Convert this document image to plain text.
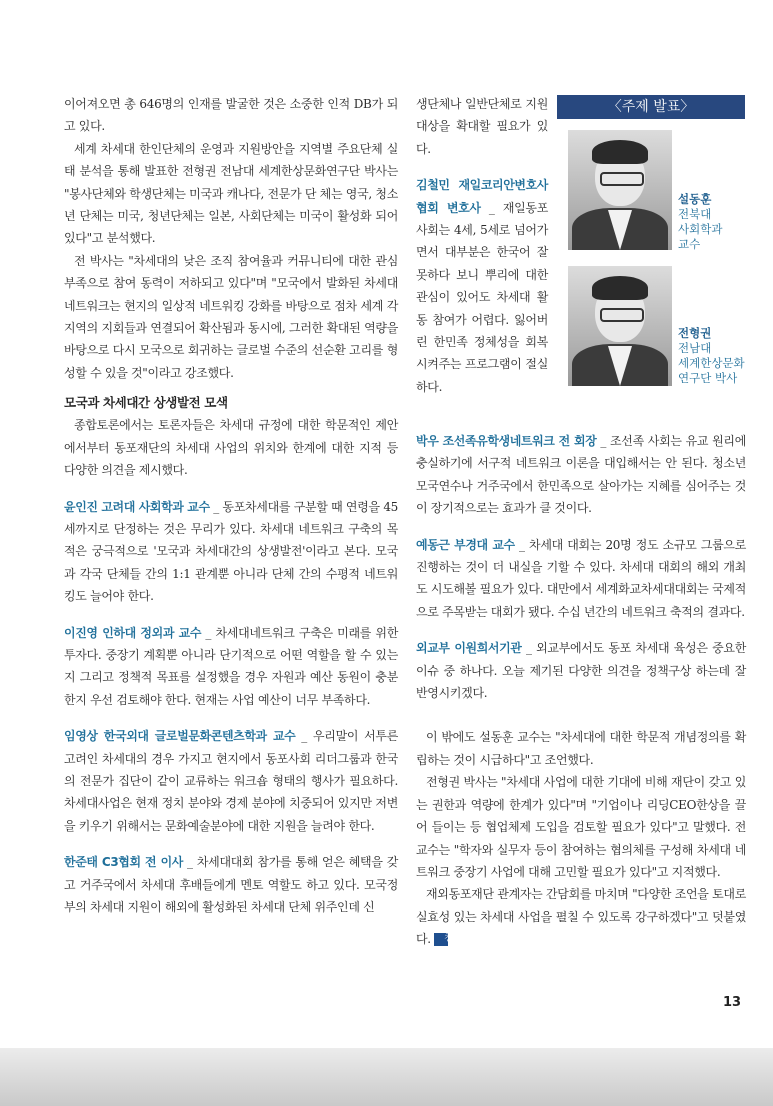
이어져오면 총 646명의 인재를 발굴한 것은 소중한 인적 DB가 되고 있다.

세계 차세대 한인단체의 운영과 지원방안을 지역별 주요단체 실태 분석을 통해 발표한 전형권 전남대 세계한상문화연구단 박사는 "봉사단체와 학생단체는 미국과 캐나다, 전문가 단 체는 영국, 청소년 단체는 미국, 청년단체는 일본, 사회단체는 미국이 활성화 되어 있다"고 분석했다.

전 박사는 "차세대의 낮은 조직 참여율과 커뮤니티에 대한 관심 부족으로 참여 동력이 저하되고 있다"며 "모국에서 발화된 차세대 네트워크는 현지의 일상적 네트워킹 강화를 바탕으로 점차 세계 각 지역의 지회들과 연결되어 확산됨과 동시에, 그러한 확대된 역량을 바탕으로 다시 모국으로 회귀하는 글로벌 수준의 선순환 고리를 형성할 수 있을 것"이라고 강조했다.

모국과 차세대간 상생발전 모색

종합토론에서는 토론자들은 차세대 규정에 대한 학문적인 제안에서부터 동포재단의 차세대 사업의 위치와 한계에 대한 지적 등 다양한 의견을 제시했다.

윤인진 고려대 사회학과 교수 _ 동포차세대를 구분할 때 연령을 45세까지로 단정하는 것은 무리가 있다. 차세대 네트워크 구축의 목적은 궁극적으로 '모국과 차세대간의 상생발전'이라고 본다. 모국과 각국 단체들 간의 1:1 관계뿐 아니라 단체 간의 수평적 네트워킹도 늘어야 한다.

이진영 인하대 정외과 교수 _ 차세대네트워크 구축은 미래를 위한 투자다. 중장기 계획뿐 아니라 단기적으로 어떤 역할을 할 수 있는지 그리고 정책적 목표를 설정했을 경우 자원과 예산 동원이 충분한지 우선 검토해야 한다. 현재는 사업 예산이 너무 부족하다.

임영상 한국외대 글로벌문화콘텐츠학과 교수 _ 우리말이 서투른 고려인 차세대의 경우 가지고 현지에서 동포사회 리더그룹과 한국의 전문가 집단이 같이 교류하는 워크숍 형태의 행사가 필요하다. 차세대사업은 현재 정치 분야와 경제 분야에 치중되어 있지만 저변을 키우기 위해서는 문화예술분야에 대한 지원을 늘려야 한다.

한준태 C3협회 전 이사 _ 차세대대회 참가를 통해 얻은 혜택을 갖고 거주국에서 차세대 후배들에게 멘토 역할도 하고 있다. 모국정부의 차세대 지원이 해외에 활성화된 차세대 단체 위주인데 신

생단체나 일반단체로 지원 대상을 확대할 필요가 있다.

김철민 재일코리안변호사협회 변호사 _ 재일동포 사회는 4세, 5세로 넘어가면서 대부분은 한국어 잘 못하다 보니 뿌리에 대한 관심이 있어도 차세대 활동 참여가 어렵다. 잃어버린 한민족 정체성을 회복시켜주는 프로그램이 절실하다.

〈주제 발표〉
설동훈
전북대
사회학과
교수
전형권
전남대
세계한상문화
연구단 박사

박우 조선족유학생네트워크 전 회장 _ 조선족 사회는 유교 원리에 충실하기에 서구적 네트워크 이론을 대입해서는 안 된다. 청소년 모국연수나 거주국에서 한민족으로 살아가는 지혜를 심어주는 것이 장기적으로는 효과가 클 것이다.

예동근 부경대 교수 _ 차세대 대회는 20명 정도 소규모 그룹으로 진행하는 것이 더 내실을 기할 수 있다. 차세대 대회의 해외 개최도 시도해볼 필요가 있다. 대만에서 세계화교차세대대회는 국제적으로 주목받는 대회가 됐다. 수십 년간의 네트워크 축적의 결과다.

외교부 이원희서기관 _ 외교부에서도 동포 차세대 육성은 중요한 이슈 중 하나다. 오늘 제기된 다양한 의견을 정책구상 하는데 잘 반영시키겠다.

이 밖에도 설동훈 교수는 "차세대에 대한 학문적 개념정의를 확립하는 것이 시급하다"고 조언했다.

전형권 박사는 "차세대 사업에 대한 기대에 비해 재단이 갖고 있는 권한과 역량에 한계가 있다"며 "기업이나 리딩CEO한상을 끌어 들이는 등 협업체제 도입을 검토할 필요가 있다"고 말했다. 전 교수는 "학자와 실무자 등이 참여하는 협의체를 구성해 차세대 네트워크 중장기 사업에 대해 고민할 필요가 있다"고 지적했다.

재외동포재단 관계자는 간담회를 마치며 "다양한 조언을 토대로 실효성 있는 차세대 사업을 펼칠 수 있도록 강구하겠다"고 덧붙였다. 창

13
